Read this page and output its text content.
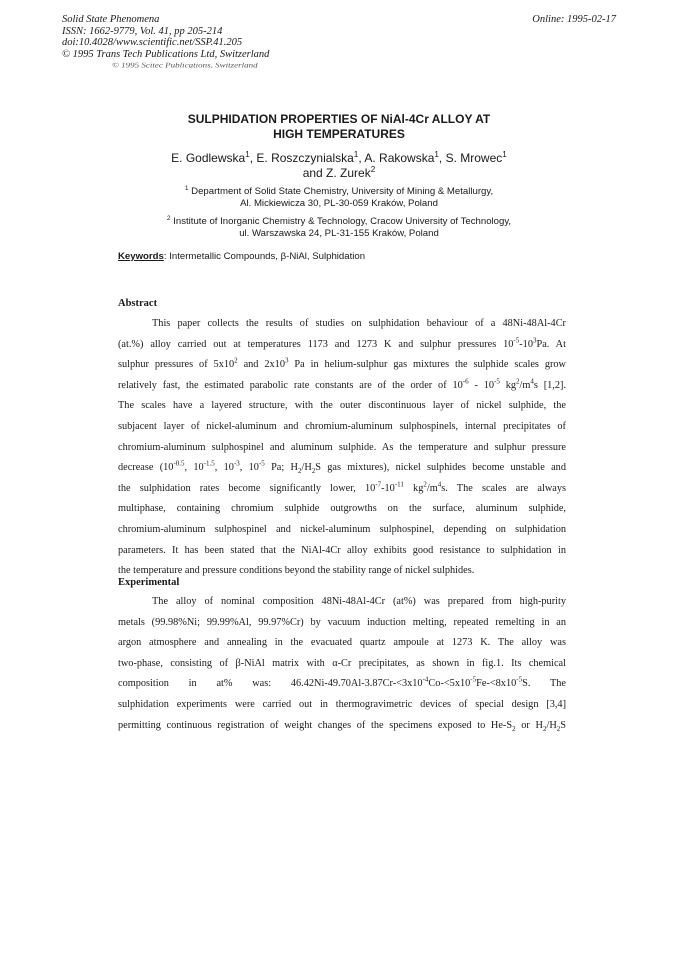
Solid State Phenomena
ISSN: 1662-9779, Vol. 41, pp 205-214
doi:10.4028/www.scientific.net/SSP.41.205
© 1995 Trans Tech Publications Ltd, Switzerland
Online: 1995-02-17
© 1995 Scitec Publications, Switzerland
SULPHIDATION PROPERTIES OF NiAl-4Cr ALLOY AT
HIGH TEMPERATURES
E. Godlewska$^1$, E. Roszczynialska$^1$, A. Rakowska$^1$, S. Mrowec$^1$
and Z. Zurek$^2$
$^1$ Department of Solid State Chemistry, University of Mining & Metallurgy,
Al. Mickiewicza 30, PL-30-059 Kraków, Poland
$^2$ Institute of Inorganic Chemistry & Technology, Cracow University of Technology,
ul. Warszawska 24, PL-31-155 Kraków, Poland
Keywords: Intermetallic Compounds, β-NiAl, Sulphidation
Abstract
This paper collects the results of studies on sulphidation behaviour of a 48Ni-48Al-4Cr
(at.%) alloy carried out at temperatures 1173 and 1273 K and sulphur pressures $10^{-5}-10^3Pa$. At
sulphur pressures of $5x10^2$ and $2x10^3$ Pa in helium-sulphur gas mixtures the sulphide scales grow
relatively fast, the estimated parabolic rate constants are of the order of $10^{-6} - 10^{-5}$ $kg^2/m^4s$ [1,2].
The scales have a layered structure, with the outer discontinuous layer of nickel sulphide, the
subjacent layer of nickel-aluminum and chromium-aluminum sulphospinels, internal precipitates of
chromium-aluminum sulphospinel and aluminum sulphide. As the temperature and sulphur pressure
decrease ($10^{-0.5}$, $10^{-1.5}$, $10^{-3}$, $10^{-5}$ Pa; $H_2/H_2S$ gas mixtures), nickel sulphides become unstable and
the sulphidation rates become significantly lower, $10^{-7}-10^{-11}$ $kg^2/m^4s$. The scales are always
multiphase, containing chromium sulphide outgrowths on the surface, aluminum sulphide,
chromium-aluminum sulphospinel and nickel-aluminum sulphospinel, depending on sulphidation
parameters. It has been stated that the NiAl-4Cr alloy exhibits good resistance to sulphidation in
the temperature and pressure conditions beyond the stability range of nickel sulphides.
Experimental
The alloy of nominal composition 48Ni-48Al-4Cr (at%) was prepared from high-purity
metals (99.98%Ni; 99.99%Al, 99.97%Cr) by vacuum induction melting, repeated remelting in an
argon atmosphere and annealing in the evacuated quartz ampoule at 1273 K. The alloy was
two-phase, consisting of β-NiAl matrix with α-Cr precipitates, as shown in fig.1. Its chemical
composition in at% was: $46.42Ni-49.70Al-3.87Cr-<3x10^{-4}Co-<5x10^{-5}Fe-<8x10^{-5}S$. The
sulphidation experiments were carried out in thermogravimetric devices of special design [3,4]
permitting continuous registration of weight changes of the specimens exposed to $He-S_2$ or $H_2/H_2S$
